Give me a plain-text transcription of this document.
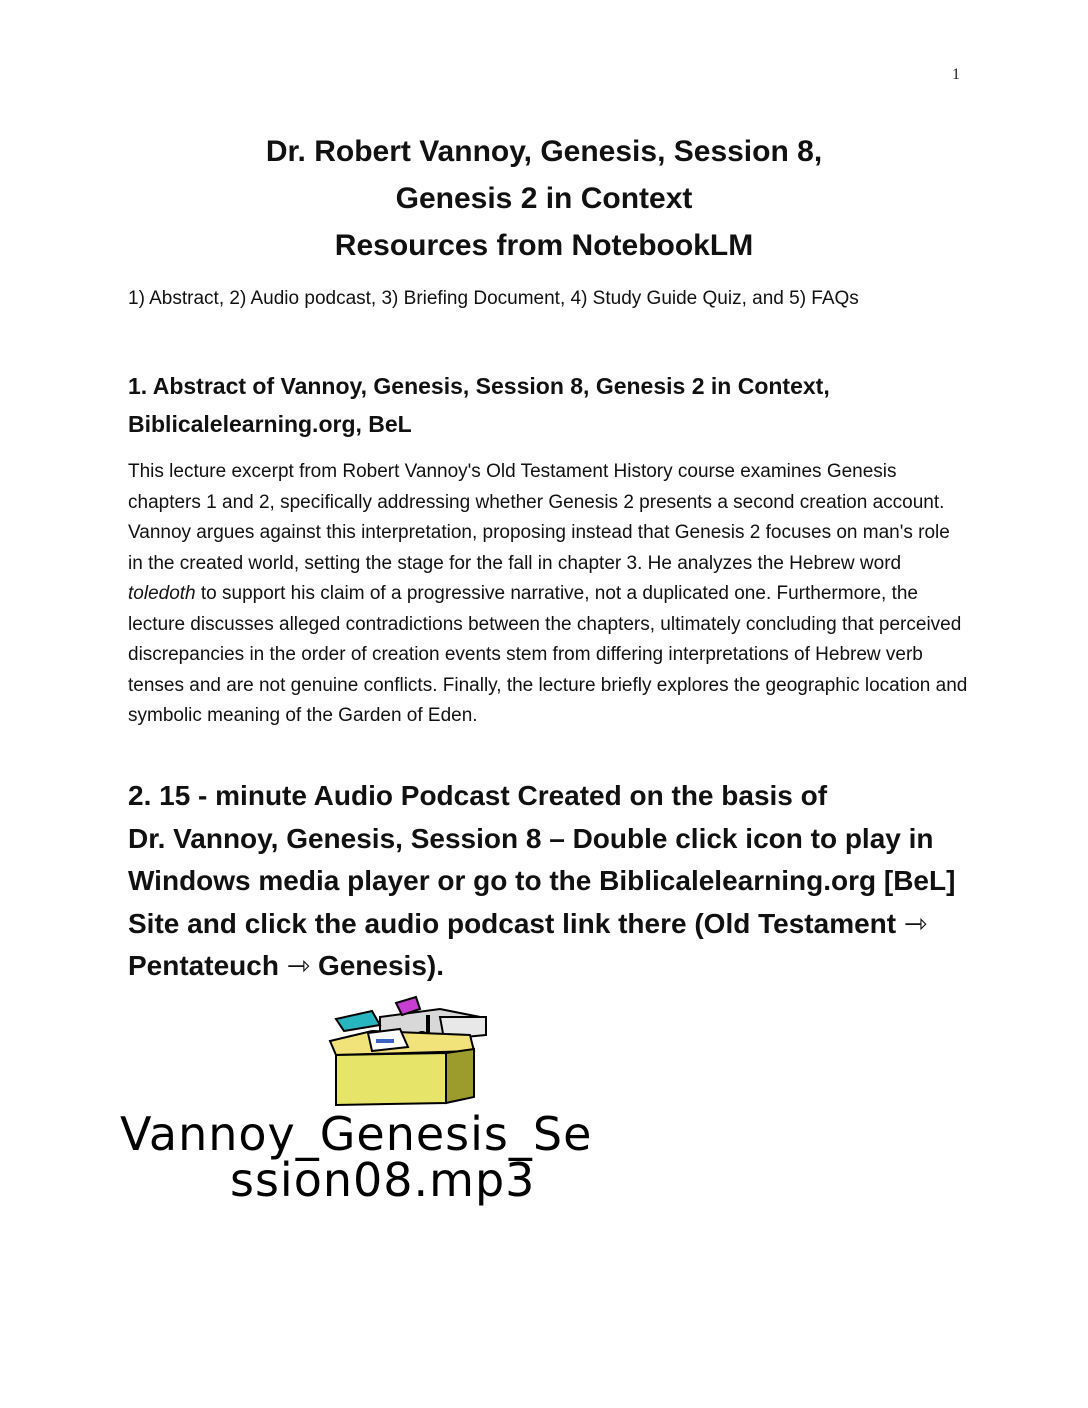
1
Dr. Robert Vannoy, Genesis, Session 8,
Genesis 2 in Context
Resources from NotebookLM
1) Abstract, 2) Audio podcast, 3) Briefing Document, 4) Study Guide Quiz, and 5) FAQs
1. Abstract of Vannoy, Genesis, Session 8, Genesis 2 in Context, Biblicalelearning.org, BeL

This lecture excerpt from Robert Vannoy's Old Testament History course examines Genesis chapters 1 and 2, specifically addressing whether Genesis 2 presents a second creation account. Vannoy argues against this interpretation, proposing instead that Genesis 2 focuses on man's role in the created world, setting the stage for the fall in chapter 3. He analyzes the Hebrew word toledoth to support his claim of a progressive narrative, not a duplicated one. Furthermore, the lecture discusses alleged contradictions between the chapters, ultimately concluding that perceived discrepancies in the order of creation events stem from differing interpretations of Hebrew verb tenses and are not genuine conflicts. Finally, the lecture briefly explores the geographic location and symbolic meaning of the Garden of Eden.

2. 15 - minute Audio Podcast Created on the basis of
Dr. Vannoy, Genesis, Session 8 – Double click icon to play in Windows media player or go to the Biblicalelearning.org [BeL] Site and click the audio podcast link there (Old Testament ⇾ Pentateuch ⇾ Genesis).
Vannoy_Genesis_Se
ssion08.mp3
